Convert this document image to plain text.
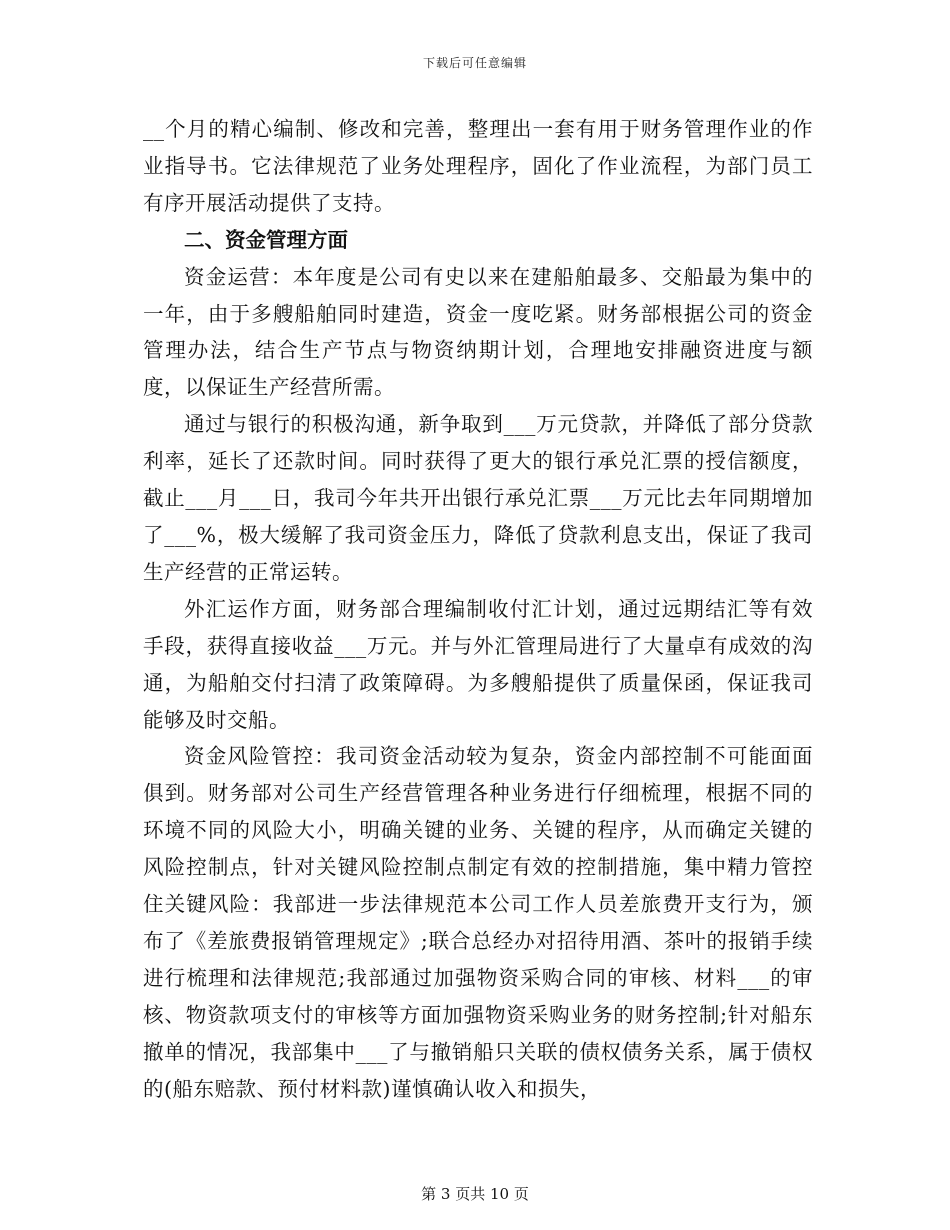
下载后可任意编辑

__个月的精心编制、修改和完善，整理出一套有用于财务管理作业的作业指导书。它法律规范了业务处理程序，固化了作业流程，为部门员工有序开展活动提供了支持。

二、资金管理方面

资金运营：本年度是公司有史以来在建船舶最多、交船最为集中的一年，由于多艘船舶同时建造，资金一度吃紧。财务部根据公司的资金管理办法，结合生产节点与物资纳期计划，合理地安排融资进度与额度，以保证生产经营所需。

通过与银行的积极沟通，新争取到___万元贷款，并降低了部分贷款利率，延长了还款时间。同时获得了更大的银行承兑汇票的授信额度，截止___月___日，我司今年共开出银行承兑汇票___万元比去年同期增加了___%，极大缓解了我司资金压力，降低了贷款利息支出，保证了我司生产经营的正常运转。

外汇运作方面，财务部合理编制收付汇计划，通过远期结汇等有效手段，获得直接收益___万元。并与外汇管理局进行了大量卓有成效的沟通，为船舶交付扫清了政策障碍。为多艘船提供了质量保函，保证我司能够及时交船。

资金风险管控：我司资金活动较为复杂，资金内部控制不可能面面俱到。财务部对公司生产经营管理各种业务进行仔细梳理，根据不同的环境不同的风险大小，明确关键的业务、关键的程序，从而确定关键的风险控制点，针对关键风险控制点制定有效的控制措施，集中精力管控住关键风险：我部进一步法律规范本公司工作人员差旅费开支行为，颁布了《差旅费报销管理规定》;联合总经办对招待用酒、茶叶的报销手续进行梳理和法律规范;我部通过加强物资采购合同的审核、材料___的审核、物资款项支付的审核等方面加强物资采购业务的财务控制;针对船东撤单的情况，我部集中___了与撤销船只关联的债权债务关系，属于债权的(船东赔款、预付材料款)谨慎确认收入和损失，

第 3 页共 10 页
